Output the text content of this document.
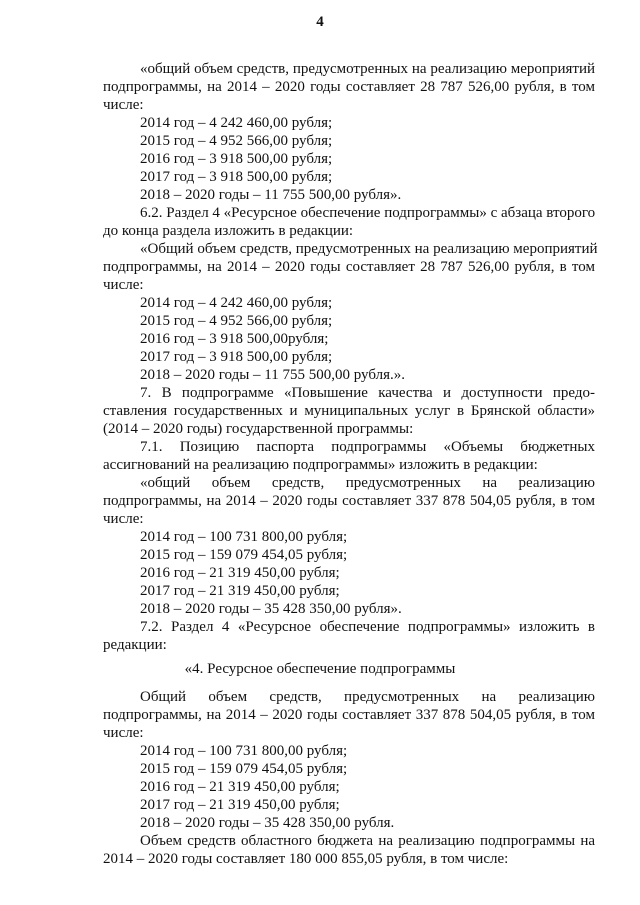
4
«общий объем средств, предусмотренных на реализацию мероприятий
подпрограммы, на 2014 – 2020 годы составляет 28 787 526,00 рубля, в том
числе:
2014 год – 4 242 460,00 рубля;
2015 год – 4 952 566,00 рубля;
2016 год – 3 918 500,00 рубля;
2017 год – 3 918 500,00 рубля;
2018 – 2020 годы – 11 755 500,00 рубля».
6.2. Раздел 4 «Ресурсное обеспечение подпрограммы» с абзаца второго
до конца раздела изложить в редакции:
«Общий объем средств, предусмотренных на реализацию мероприятий
подпрограммы, на 2014 – 2020 годы составляет 28 787 526,00 рубля, в том
числе:
2014 год – 4 242 460,00 рубля;
2015 год – 4 952 566,00 рубля;
2016 год – 3 918 500,00рубля;
2017 год – 3 918 500,00 рубля;
2018 – 2020 годы – 11 755 500,00 рубля.».
7. В подпрограмме «Повышение качества и доступности предо-
ставления государственных и муниципальных услуг в Брянской области»
(2014 – 2020 годы) государственной программы:
7.1. Позицию паспорта подпрограммы «Объемы бюджетных
ассигнований на реализацию подпрограммы» изложить в редакции:
«общий объем средств, предусмотренных на реализацию
подпрограммы, на 2014 – 2020 годы составляет 337 878 504,05 рубля, в том
числе:
2014 год – 100 731 800,00 рубля;
2015 год – 159 079 454,05 рубля;
2016 год – 21 319 450,00 рубля;
2017 год – 21 319 450,00 рубля;
2018 – 2020 годы – 35 428 350,00 рубля».
7.2. Раздел 4 «Ресурсное обеспечение подпрограммы» изложить в
редакции:
«4. Ресурсное обеспечение подпрограммы
Общий объем средств, предусмотренных на реализацию
подпрограммы, на 2014 – 2020 годы составляет 337 878 504,05 рубля, в том
числе:
2014 год – 100 731 800,00 рубля;
2015 год – 159 079 454,05 рубля;
2016 год – 21 319 450,00 рубля;
2017 год – 21 319 450,00 рубля;
2018 – 2020 годы – 35 428 350,00 рубля.
Объем средств областного бюджета на реализацию подпрограммы на
2014 – 2020 годы составляет 180 000 855,05 рубля, в том числе:
